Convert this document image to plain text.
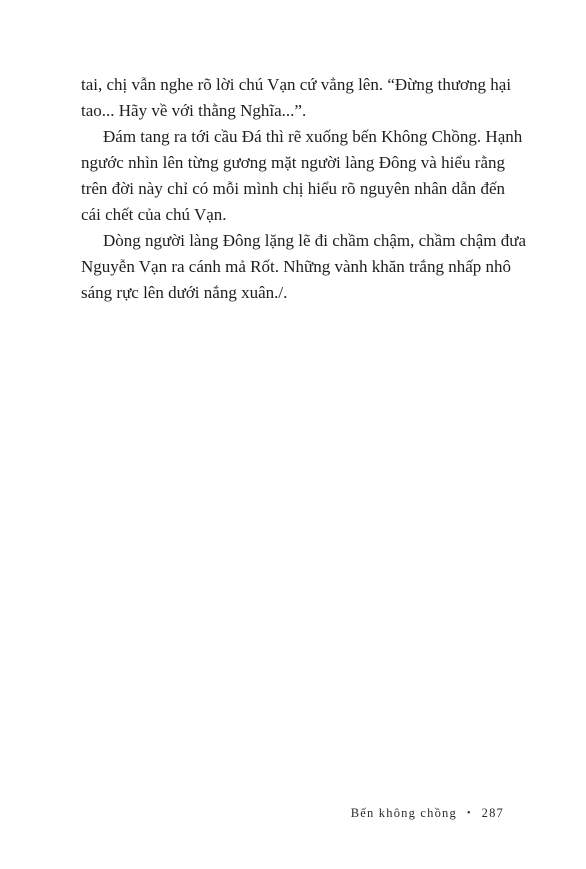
tai, chị vẫn nghe rõ lời chú Vạn cứ vẳng lên. “Đừng thương hại
tao... Hãy về với thằng Nghĩa...”.
Đám tang ra tới cầu Đá thì rẽ xuống bến Không Chồng. Hạnh
ngước nhìn lên từng gương mặt người làng Đông và hiểu rằng
trên đời này chỉ có mỗi mình chị hiểu rõ nguyên nhân dẫn đến
cái chết của chú Vạn.
Dòng người làng Đông lặng lẽ đi chầm chậm, chầm chậm đưa
Nguyễn Vạn ra cánh mả Rốt. Những vành khăn trắng nhấp nhô
sáng rực lên dưới nắng xuân./.
Bến không chồng • 287
